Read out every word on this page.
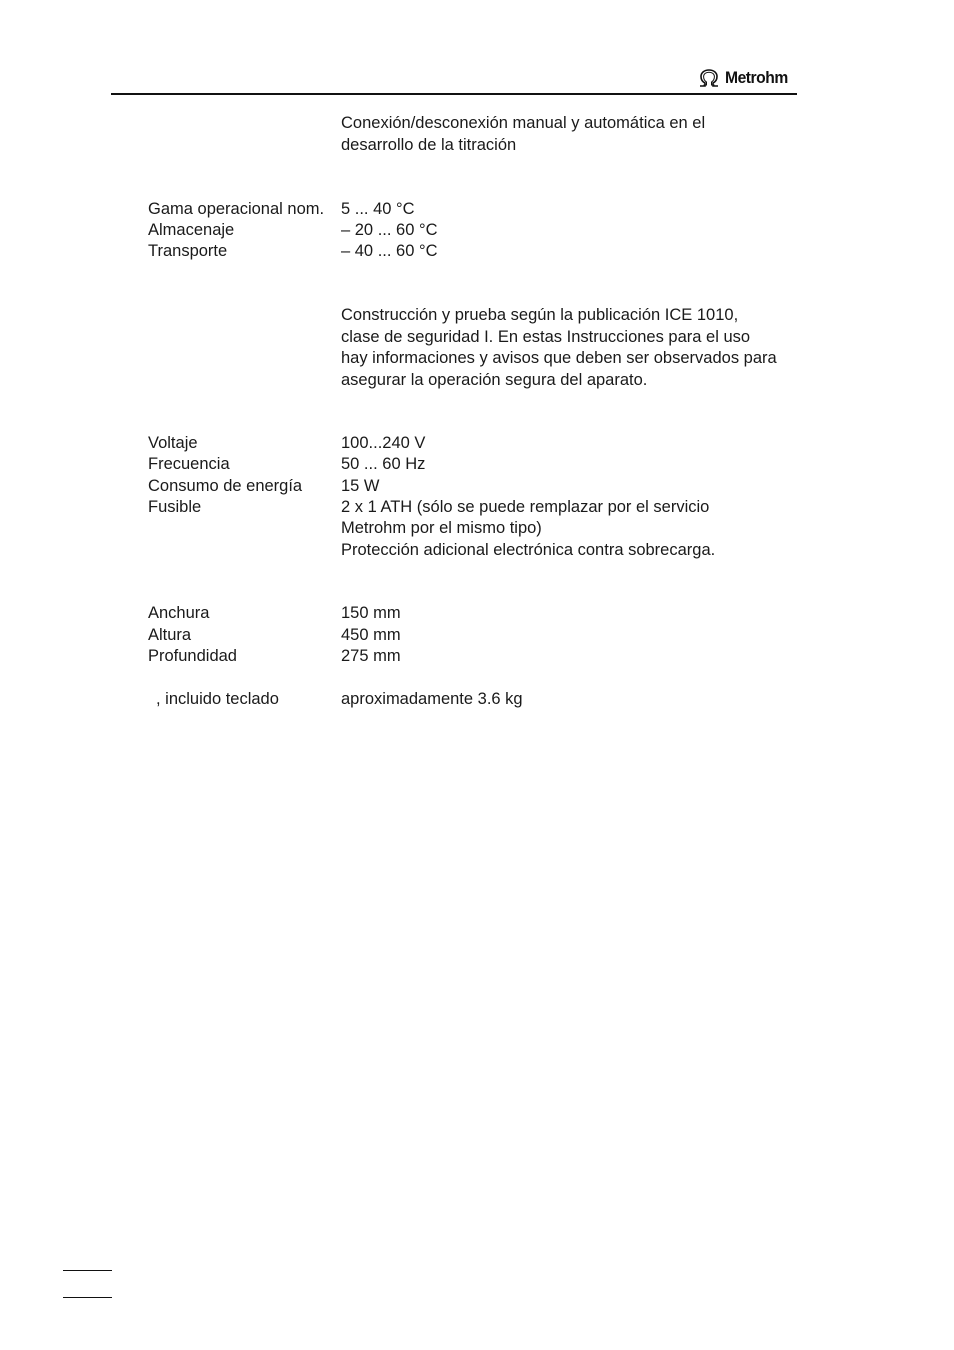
Metrohm
Conexión/desconexión manual y automática en el
desarrollo de la titración
Gama operacional nom. 5 ... 40 °C
Almacenaje	– 20 ... 60 °C
Transporte	– 40 ... 60 °C
Construcción y prueba según la publicación ICE 1010,
clase de seguridad I. En estas Instrucciones para el uso
hay informaciones y avisos que deben ser observados para
asegurar la operación segura del aparato.
Voltaje	100...240 V
Frecuencia	50 ... 60 Hz
Consumo de energía 15 W
Fusible	2 x 1 ATH (sólo se puede remplazar por el servicio
Metrohm por el mismo tipo)
Protección adicional electrónica contra sobrecarga.
Anchura	150 mm
Altura	450 mm
Profundidad	275 mm
, incluido teclado	aproximadamente 3.6 kg
